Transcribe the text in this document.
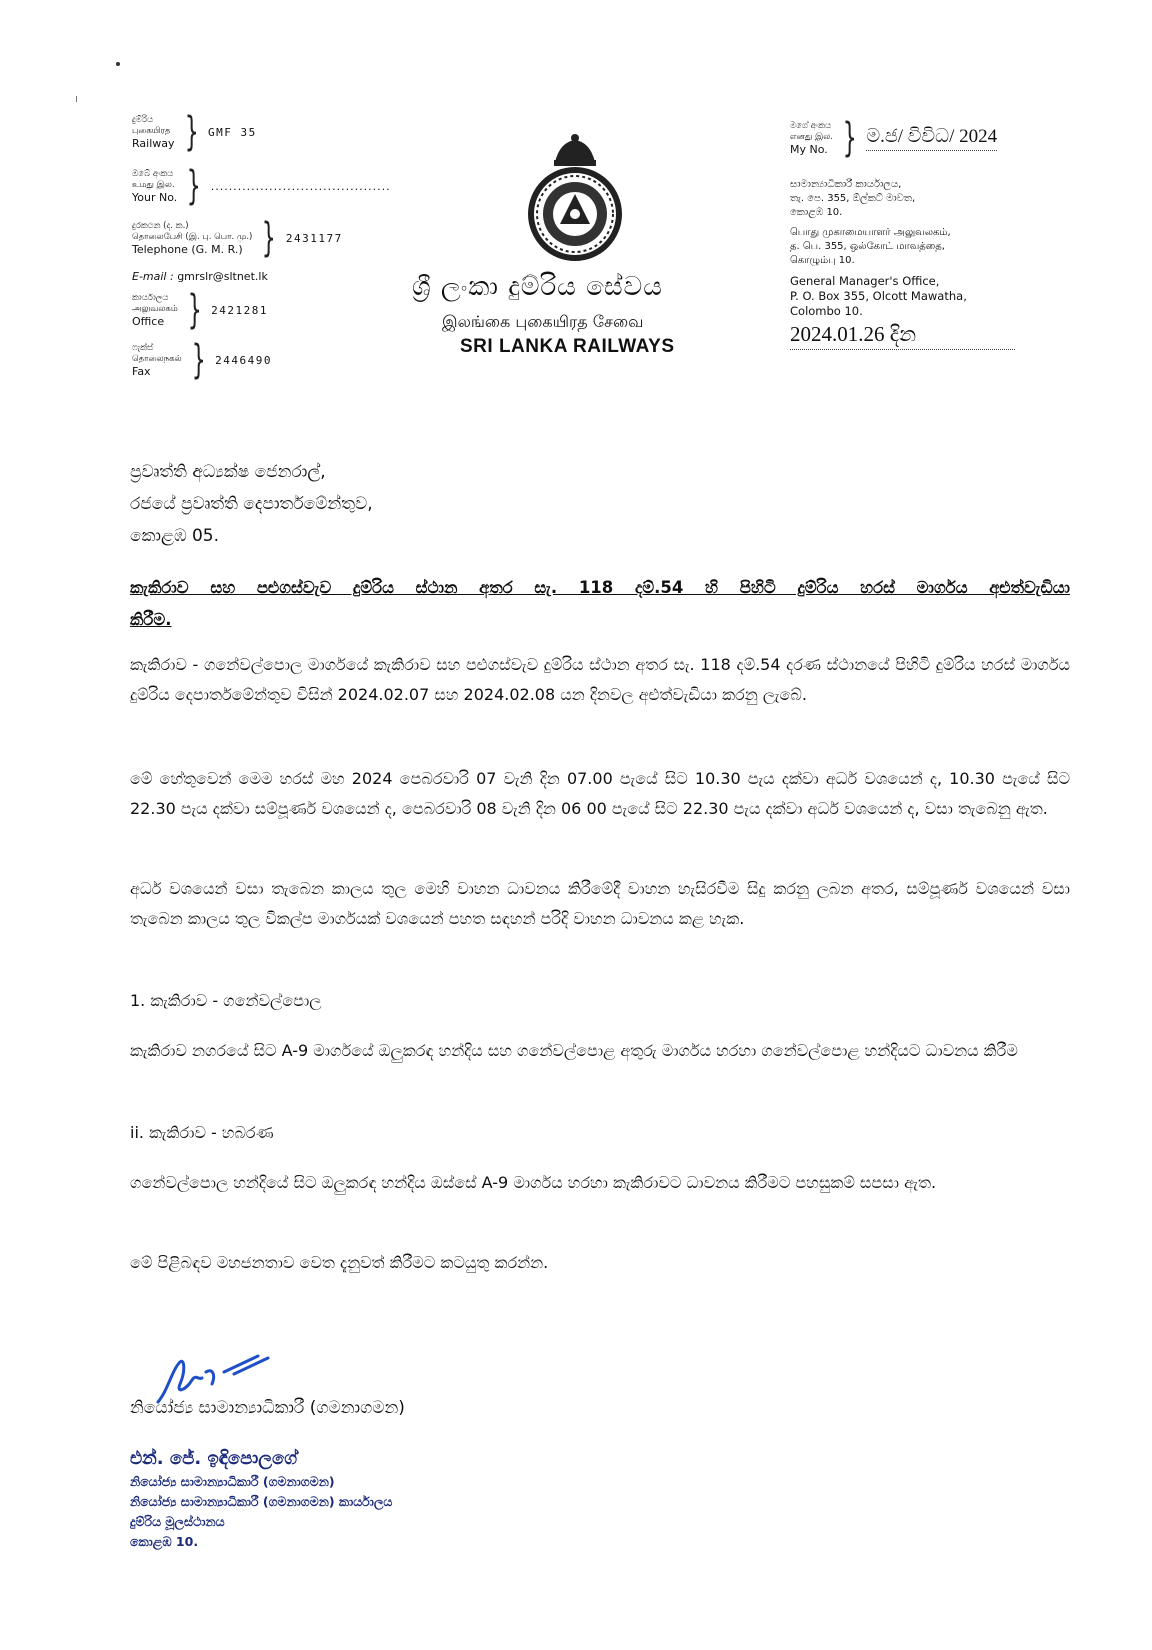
දුම්රිය
புகையிரத
Railway } GMF 35
ඔබේ අංකය
உமது இல.
Your No. } ........................................
දුරකථන (ද. ක.)
தொலைபேசி (இ. பு. பொ. மு.)
Telephone (G. M. R.) } 2431177
E-mail : gmrslr@sltnet.lk
කාර්යාලය
அலுவலகம்
Office } 2421281
ෆැක්ස්
தொலைநகல்
Fax	} 2446490
ශ්‍රී ලංකා දුම්රිය සේවය
இலங்கை புகையிரத சேவை
SRI LANKA RAILWAYS
මගේ අංකය
எனது இல.
My No. } ම.ජ/ විවිධ/ 2024
සාමාන්‍යාධිකාරී කාර්යාලය,
තැ. පෙ. 355, ඕල්කට් මාවත,
කොළඹ 10.
பொது முகாமையாளர் அலுவலகம்,
த. பெ. 355, ஒல்கோட் மாவத்தை,
கொழும்பு 10.
General Manager's Office,
P. O. Box 355, Olcott Mawatha,
Colombo 10.
2024.01.26 දින
ප්‍රවෘත්ති අධ්‍යක්ෂ ජෙනරාල්,
රජයේ ප්‍රවෘත්ති දෙපාර්තමේන්තුව,
කොළඹ 05.
කැකිරාව සහ පළුගස්වැව දුම්රිය ස්ථාන අතර සැ. 118 දම්.54 හි පිහිටි දුම්රිය හරස් මාර්ගය අළුත්වැඩියා
කිරීම.
කැකිරාව - ගනේවල්පොල මාර්ගයේ කැකිරාව සහ පළුගස්වැව දුම්රිය ස්ථාන අතර සැ. 118 දම්.54 දරණ ස්ථානයේ පිහිටි දුම්රිය හරස් මාර්ගය දුම්රිය දෙපාර්තමේන්තුව විසින් 2024.02.07 සහ 2024.02.08 යන දිනවල අළුත්වැඩියා කරනු ලැබේ.
මේ හේතුවෙන් මෙම හරස් මහ 2024 පෙබරවාරි 07 වැනි දින 07.00 පැයේ සිට 10.30 පැය දක්වා අර්ධ වශයෙන් ද, 10.30 පැයේ සිට 22.30 පැය දක්වා සම්පූර්ණ වශයෙන් ද, පෙබරවාරි 08 වැනි දින 06 00 පැයේ සිට 22.30 පැය දක්වා අර්ධ වශයෙන් ද, වසා තැබෙනු ඇත.
අර්ධ වශයෙන් වසා තැබෙන කාලය තුල මෙහි වාහන ධාවනය කිරීමේදී වාහන හැසිරවීම සිදු කරනු ලබන අතර, සම්පූර්ණ වශයෙන් වසා තැබෙන කාලය තුල විකල්ප මාර්ගයක් වශයෙන් පහත සඳහන් පරිදි වාහන ධාවනය කළ හැක.
1. කැකිරාව - ගනේවල්පොල
කැකිරාව නගරයේ සිට A-9 මාර්ගයේ ඔලුකරඳ හන්දිය සහ ගනේවල්පොළ අතුරු මාර්ගය හරහා ගනේවල්පොළ හන්දියට ධාවනය කිරීම
ii. කැකිරාව - හබරණ
ගනේවල්පොල හන්දියේ සිට ඔලුකරඳ හන්දිය ඔස්සේ A-9 මාර්ගය හරහා කැකිරාවට ධාවනය කිරීමට පහසුකම් සපසා ඇත.
මේ පිළිබඳව මහජනතාව වෙත දැනුවත් කිරීමට කටයුතු කරන්න.
නියෝජ්‍ය සාමාන්‍යාධිකාරී (ගමනාගමන)
එන්. ජේ. ඉඳිපොලගේ
නියෝජ්‍ය සාමාන්‍යාධිකාරී (ගමනාගමන)
නියෝජ්‍ය සාමාන්‍යාධිකාරී (ගමනාගමන) කාර්යාලය
දුම්රිය මූලස්ථානය
කොළඹ 10.
